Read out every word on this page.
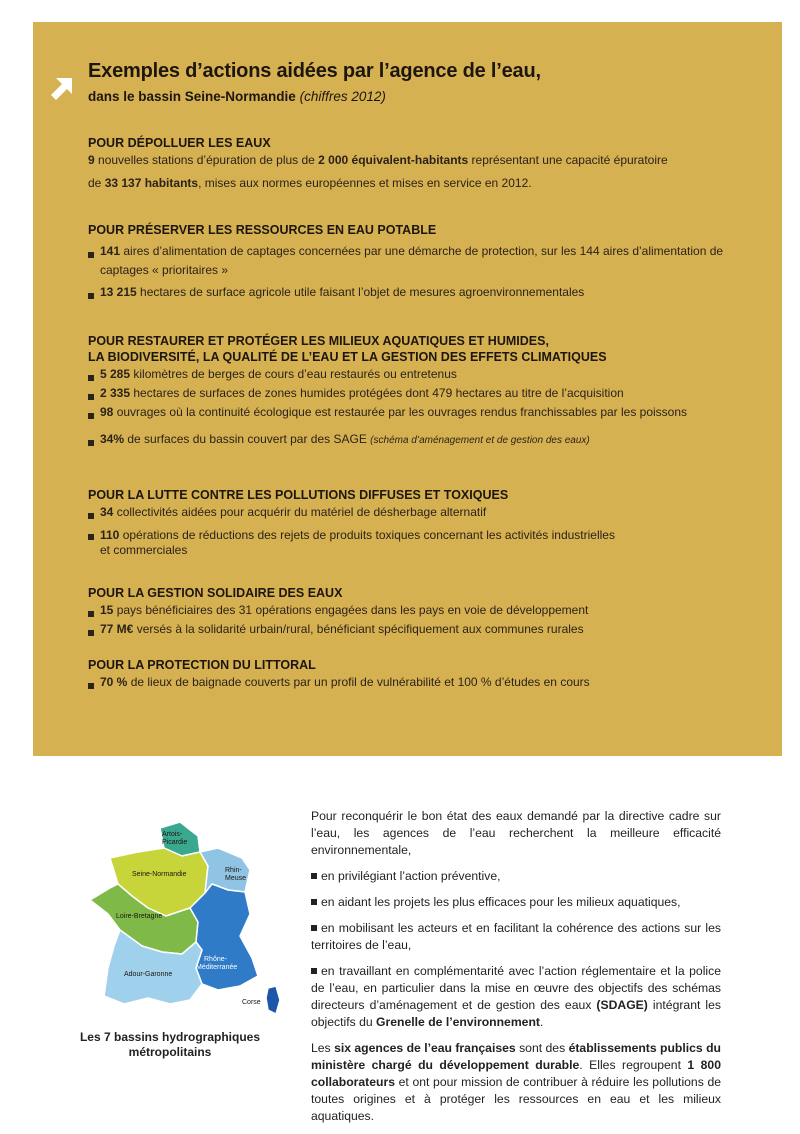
Exemples d’actions aidées par l’agence de l’eau,
dans le bassin Seine-Normandie (chiffres 2012)
POUR DÉPOLLUER LES EAUX
9 nouvelles stations d’épuration de plus de 2 000 équivalent-habitants représentant une capacité épuratoire
de 33 137 habitants, mises aux normes européennes et mises en service en 2012.
POUR PRÉSERVER LES RESSOURCES EN EAU POTABLE
141 aires d’alimentation de captages concernées par une démarche de protection, sur les 144 aires d’alimentation de captages « prioritaires »
13 215 hectares de surface agricole utile faisant l’objet de mesures agroenvironnementales
POUR RESTAURER ET PROTÉGER LES MILIEUX AQUATIQUES ET HUMIDES,
LA BIODIVERSITÉ, LA QUALITÉ DE L’EAU ET LA GESTION DES EFFETS CLIMATIQUES
5 285 kilomètres de berges de cours d’eau restaurés ou entretenus
2 335 hectares de surfaces de zones humides protégées dont 479 hectares au titre de l’acquisition
98 ouvrages où la continuité écologique est restaurée par les ouvrages rendus franchissables par les poissons
34% de surfaces du bassin couvert par des SAGE (schéma d’aménagement et de gestion des eaux)
POUR LA LUTTE CONTRE LES POLLUTIONS DIFFUSES ET TOXIQUES
34 collectivités aidées pour acquérir du matériel de désherbage alternatif
110 opérations de réductions des rejets de produits toxiques concernant les activités industrielles
et commerciales
POUR LA GESTION SOLIDAIRE DES EAUX
15 pays bénéficiaires des 31 opérations engagées dans les pays en voie de développement
77 M€ versés à la solidarité urbain/rural, bénéficiant spécifiquement aux communes rurales
POUR LA PROTECTION DU LITTORAL
70 % de lieux de baignade couverts par un profil de vulnérabilité et 100 % d’études en cours
Artois-
Picardie
Seine-Normandie
Rhin-
Meuse
Loire-Bretagne
Rhône-
Méditerranée
Adour-Garonne
Corse
Les 7 bassins hydrographiques
métropolitains

Pour reconquérir le bon état des eaux demandé par la directive cadre sur l’eau, les agences de l’eau recherchent la meilleure efficacité environnementale,

en privilégiant l’action préventive,

en aidant les projets les plus efficaces pour les milieux aquatiques,

en mobilisant les acteurs et en facilitant la cohérence des actions sur les territoires de l’eau,

en travaillant en complémentarité avec l’action réglementaire et la police de l’eau, en particulier dans la mise en œuvre des objectifs des schémas directeurs d’aménagement et de gestion des eaux (SDAGE) intégrant les objectifs du Grenelle de l’environnement.

Les six agences de l’eau françaises sont des établissements publics du ministère chargé du développement durable. Elles regroupent 1 800 collaborateurs et ont pour mission de contribuer à réduire les pollutions de toutes origines et à protéger les ressources en eau et les milieux aquatiques.
